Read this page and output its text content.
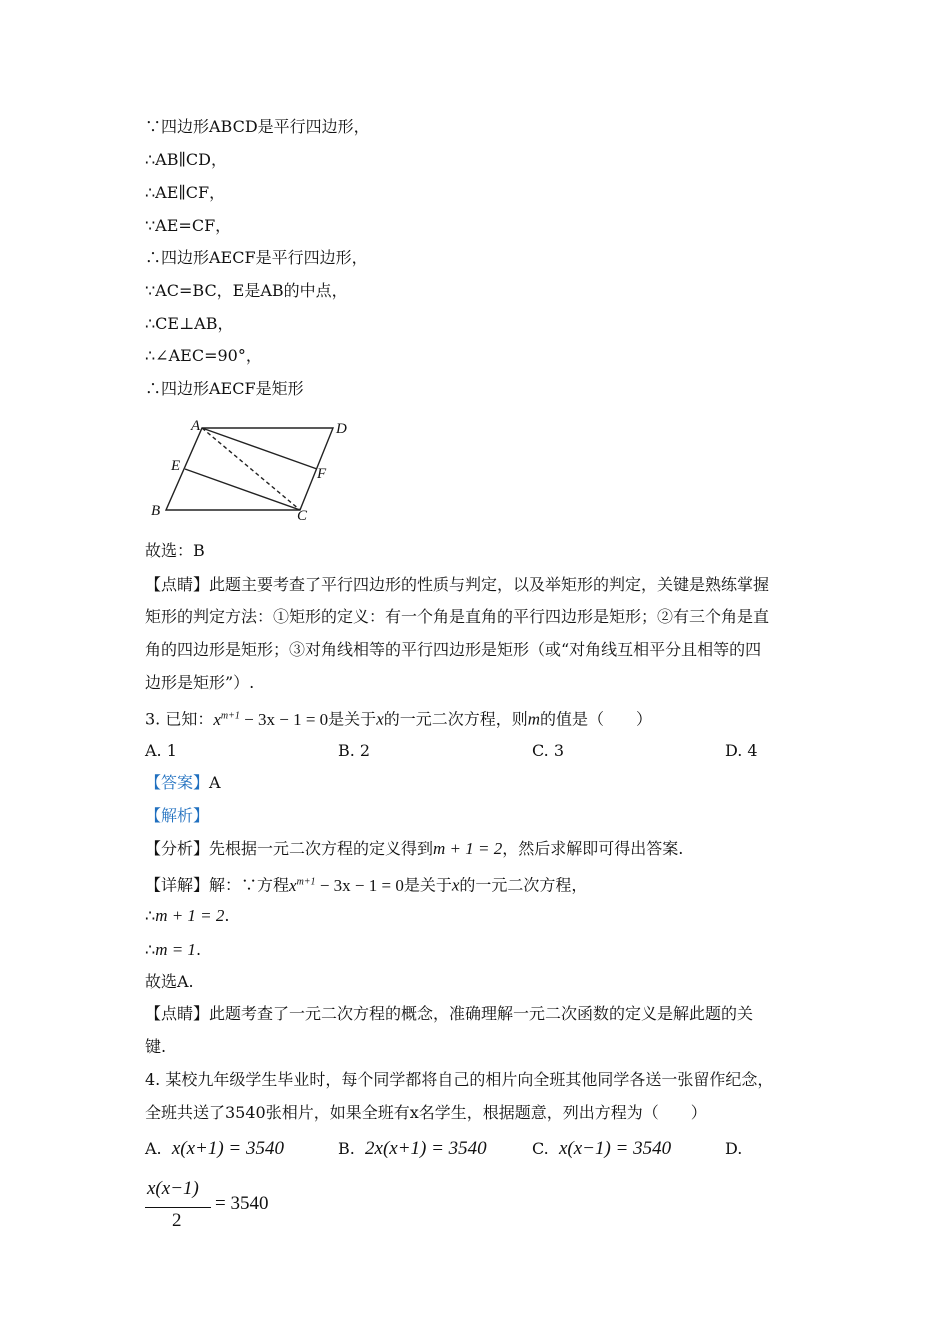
∵四边形ABCD是平行四边形，
∴AB∥CD，
∴AE∥CF，
∵AE=CF，
∴四边形AECF是平行四边形，
∵AC=BC，E是AB的中点，
∴CE⊥AB，
∴∠AEC=90°，
∴四边形AECF是矩形
A	D
E	F
B	C
故选：B
【点睛】此题主要考查了平行四边形的性质与判定，以及举矩形的判定，关键是熟练掌握
矩形的判定方法：①矩形的定义：有一个角是直角的平行四边形是矩形；②有三个角是直
角的四边形是矩形；③对角线相等的平行四边形是矩形（或“对角线互相平分且相等的四
边形是矩形”）.
3. 已知：$x^{m+1} - 3x - 1 = 0$是关于x的一元二次方程，则m的值是（　　）
A. 1	B. 2	C. 3	D. 4
【答案】A
【解析】
【分析】先根据一元二次方程的定义得到m + 1 = 2，然后求解即可得出答案.
【详解】解：∵方程$x^{m+1} - 3x - 1 = 0$是关于x的一元二次方程，
∴m + 1 = 2.
∴m = 1.
故选A.
【点睛】此题考查了一元二次方程的概念，准确理解一元二次函数的定义是解此题的关
键.
4. 某校九年级学生毕业时，每个同学都将自己的相片向全班其他同学各送一张留作纪念，
全班共送了3540张相片，如果全班有x名学生，根据题意，列出方程为（　　）
A. x(x+1) = 3540	B. 2x(x+1) = 3540	C. x(x−1) = 3540	D.
x(x−1)
2
= 3540
